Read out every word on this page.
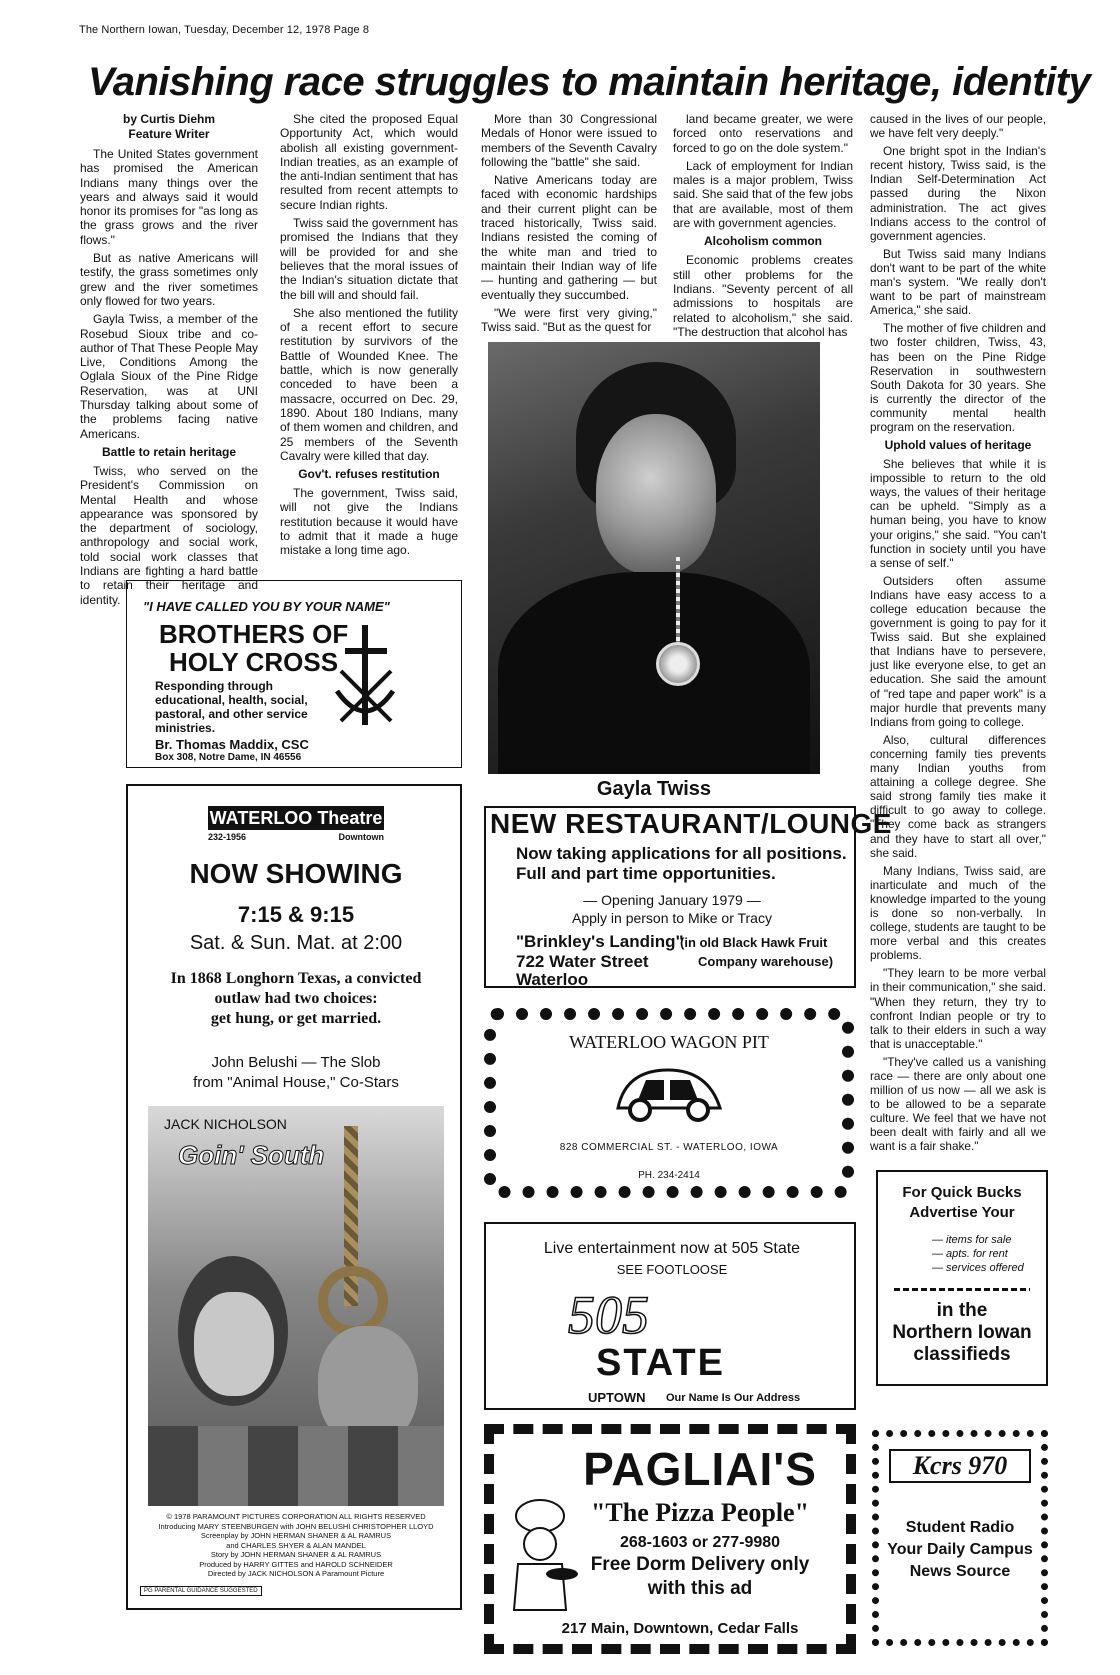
The Northern Iowan, Tuesday, December 12, 1978 Page 8
Vanishing race struggles to maintain heritage, identity
by Curtis Diehm
Feature Writer

The United States government has promised the American Indians many things over the years and always said it would honor its promises for "as long as the grass grows and the river flows."

But as native Americans will testify, the grass sometimes only grew and the river sometimes only flowed for two years.

Gayla Twiss, a member of the Rosebud Sioux tribe and co-author of That These People May Live, Conditions Among the Oglala Sioux of the Pine Ridge Reservation, was at UNI Thursday talking about some of the problems facing native Americans.

Battle to retain heritage

Twiss, who served on the President's Commission on Mental Health and whose appearance was sponsored by the department of sociology, anthropology and social work, told social work classes that Indians are fighting a hard battle to retain their heritage and identity.

She cited the proposed Equal Opportunity Act, which would abolish all existing government-Indian treaties, as an example of the anti-Indian sentiment that has resulted from recent attempts to secure Indian rights.

Twiss said the government has promised the Indians that they will be provided for and she believes that the moral issues of the Indian's situation dictate that the bill will and should fail.

She also mentioned the futility of a recent effort to secure restitution by survivors of the Battle of Wounded Knee. The battle, which is now generally conceded to have been a massacre, occurred on Dec. 29, 1890. About 180 Indians, many of them women and children, and 25 members of the Seventh Cavalry were killed that day.

Gov't. refuses restitution

The government, Twiss said, will not give the Indians restitution because it would have to admit that it made a huge mistake a long time ago.

More than 30 Congressional Medals of Honor were issued to members of the Seventh Cavalry following the "battle" she said.

Native Americans today are faced with economic hardships and their current plight can be traced historically, Twiss said. Indians resisted the coming of the white man and tried to maintain their Indian way of life — hunting and gathering — but eventually they succumbed.

"We were first very giving," Twiss said. "But as the quest for

land became greater, we were forced onto reservations and forced to go on the dole system."

Lack of employment for Indian males is a major problem, Twiss said. She said that of the few jobs that are available, most of them are with government agencies.

Alcoholism common

Economic problems creates still other problems for the Indians. "Seventy percent of all admissions to hospitals are related to alcoholism," she said. "The destruction that alcohol has

caused in the lives of our people, we have felt very deeply."

One bright spot in the Indian's recent history, Twiss said, is the Indian Self-Determination Act passed during the Nixon administration. The act gives Indians access to the control of government agencies.

But Twiss said many Indians don't want to be part of the white man's system. "We really don't want to be part of mainstream America," she said.

The mother of five children and two foster children, Twiss, 43, has been on the Pine Ridge Reservation in southwestern South Dakota for 30 years. She is currently the director of the community mental health program on the reservation.

Uphold values of heritage

She believes that while it is impossible to return to the old ways, the values of their heritage can be upheld. "Simply as a human being, you have to know your origins," she said. "You can't function in society until you have a sense of self."

Outsiders often assume Indians have easy access to a college education because the government is going to pay for it Twiss said. But she explained that Indians have to persevere, just like everyone else, to get an education. She said the amount of "red tape and paper work" is a major hurdle that prevents many Indians from going to college.

Also, cultural differences concerning family ties prevents many Indian youths from attaining a college degree. She said strong family ties make it difficult to go away to college. "They come back as strangers and they have to start all over," she said.

Many Indians, Twiss said, are inarticulate and much of the knowledge imparted to the young is done so non-verbally. In college, students are taught to be more verbal and this creates problems.

"They learn to be more verbal in their communication," she said. "When they return, they try to confront Indian people or try to talk to their elders in such a way that is unacceptable."

"They've called us a vanishing race — there are only about one million of us now — all we ask is to be allowed to be a separate culture. We feel that we have not been dealt with fairly and all we want is a fair shake."

Gayla Twiss
"I HAVE CALLED YOU BY YOUR NAME"
BROTHERS OF
HOLY CROSS
Responding through educational, health, social, pastoral, and other service ministries.
Br. Thomas Maddix, CSC
Box 308, Notre Dame, IN 46556
WATERLOO Theatre
232-1956	Downtown
NOW SHOWING
7:15 & 9:15
Sat. & Sun. Mat. at 2:00
In 1868 Longhorn Texas, a convicted
outlaw had two choices:
get hung, or get married.
John Belushi — The Slob
from "Animal House," Co-Stars
JACK NICHOLSON
Goin' South
© 1978 PARAMOUNT PICTURES CORPORATION ALL RIGHTS RESERVED
Introducing MARY STEENBURGEN with JOHN BELUSHI CHRISTOPHER LLOYD
Screenplay by JOHN HERMAN SHANER & AL RAMRUS
and CHARLES SHYER & ALAN MANDEL
Story by JOHN HERMAN SHANER & AL RAMRUS
Produced by HARRY GITTES and HAROLD SCHNEIDER
Directed by JACK NICHOLSON A Paramount Picture
PG PARENTAL GUIDANCE SUGGESTED
NEW RESTAURANT/LOUNGE
Now taking applications for all positions.
Full and part time opportunities.
— Opening January 1979 —
Apply in person to Mike or Tracy
"Brinkley's Landing"
(in old Black Hawk Fruit
722 Water Street	Company warehouse)
Waterloo
WATERLOO WAGON PIT
828 COMMERCIAL ST. - WATERLOO, IOWA
PH. 234-2414
Live entertainment now at 505 State
SEE FOOTLOOSE
505
STATE
UPTOWN Our Name Is Our Address
For Quick Bucks
Advertise Your
— items for sale
— apts. for rent
— services offered
in the
Northern Iowan
classifieds
PAGLIAI'S
"The Pizza People"
268-1603 or 277-9980
Free Dorm Delivery only
with this ad
217 Main, Downtown, Cedar Falls
Kcrs 970
Student Radio
Your Daily Campus
News Source
